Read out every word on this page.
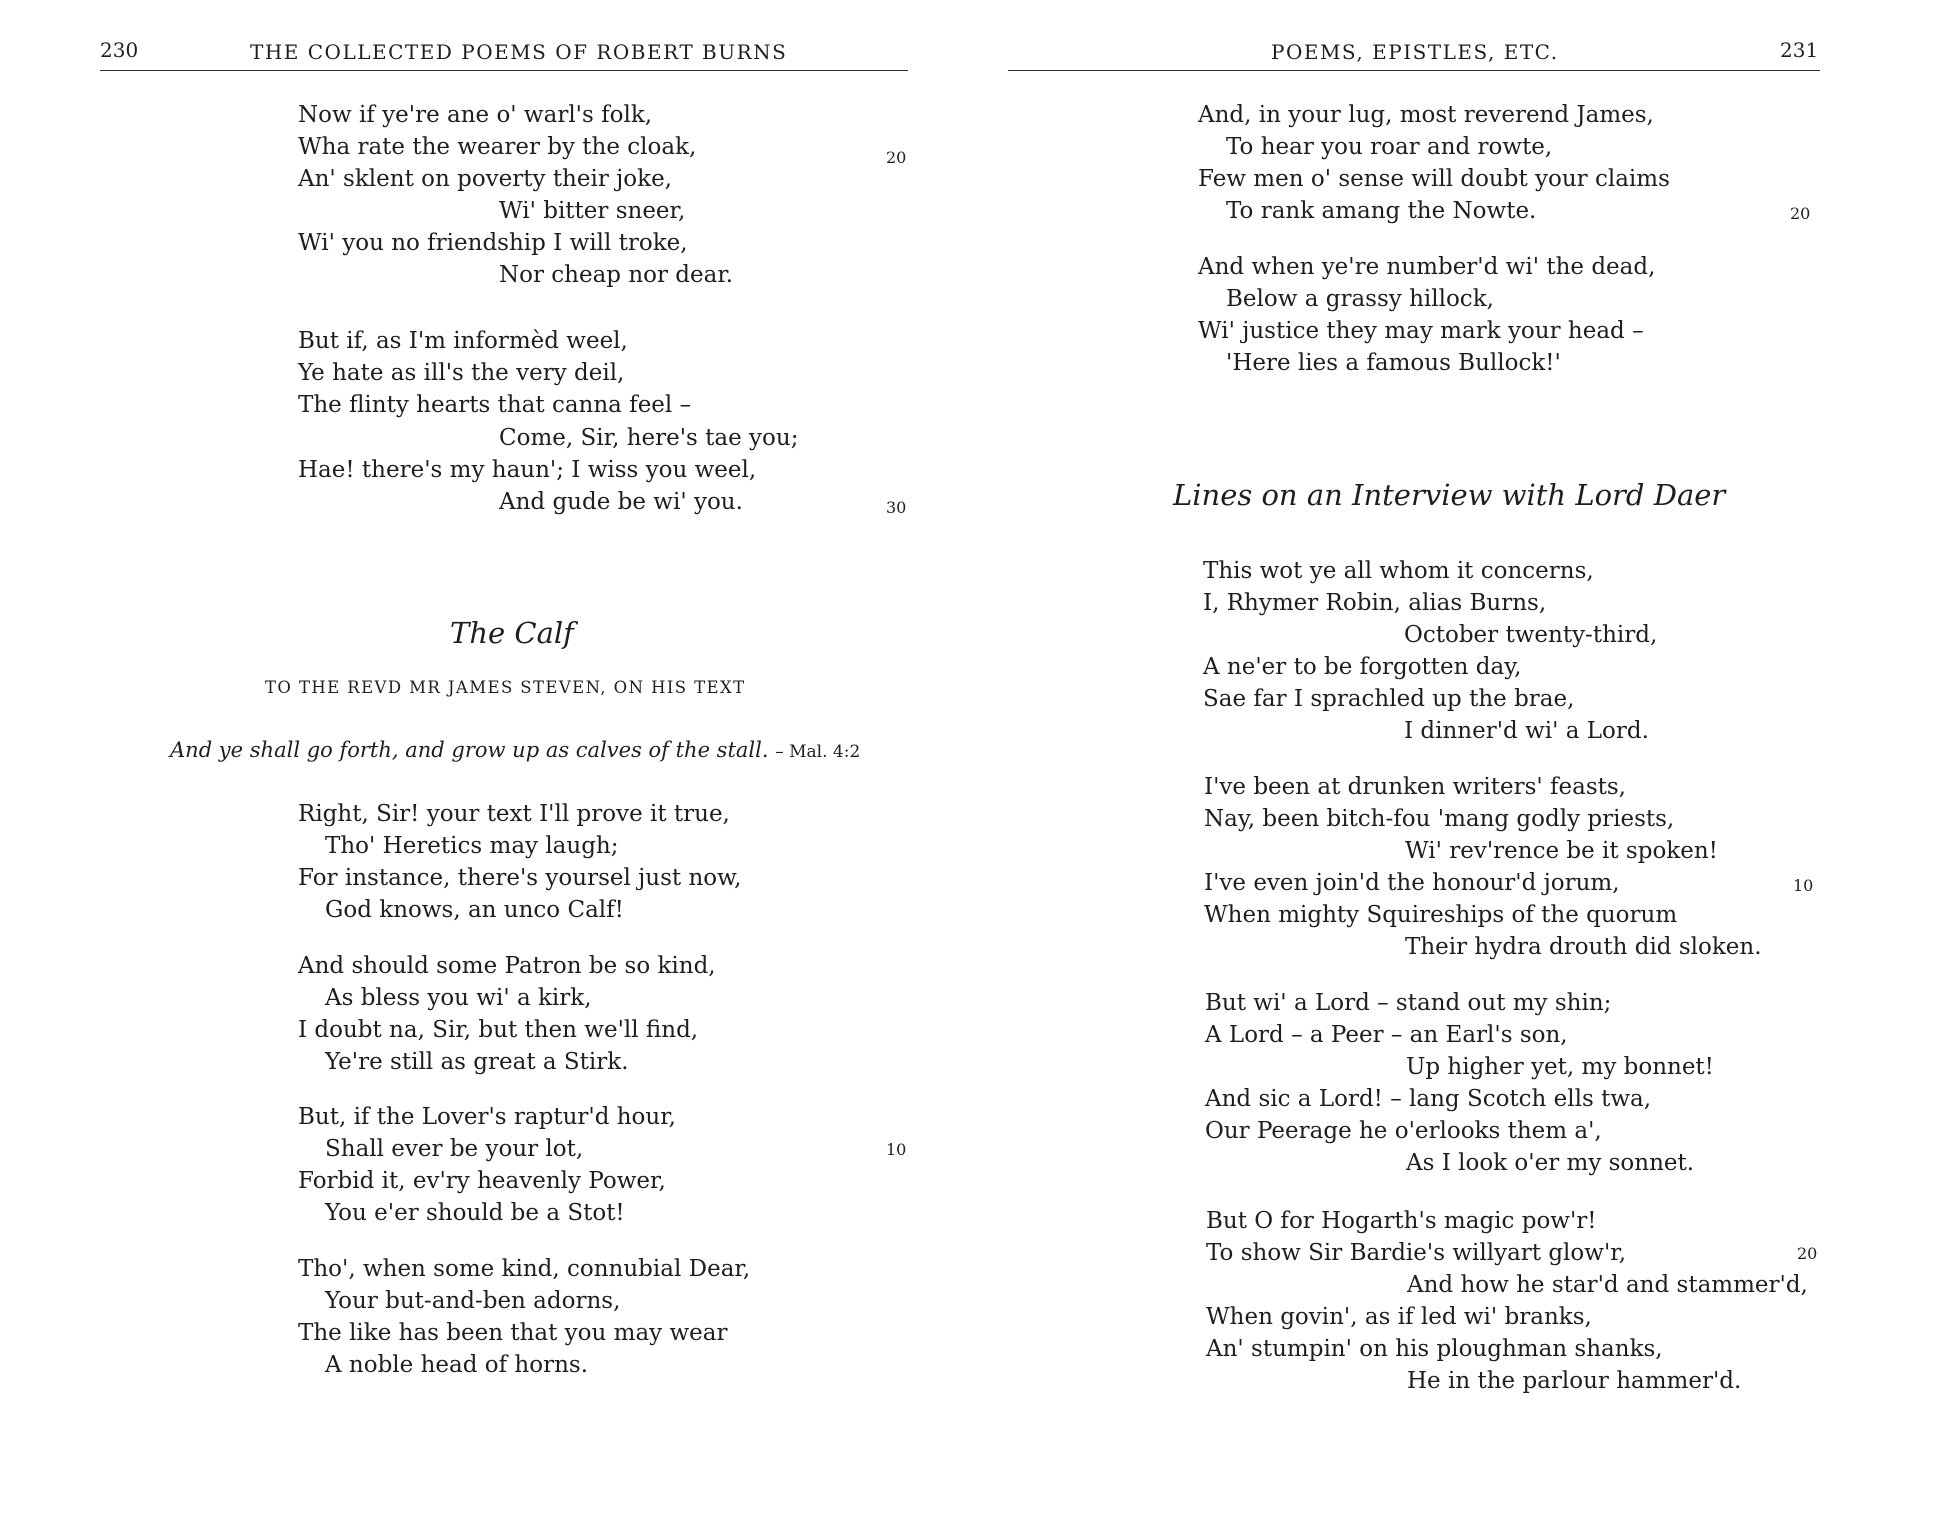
230	THE COLLECTED POEMS OF ROBERT BURNS
Now if ye're ane o' warl's folk,
Wha rate the wearer by the cloak,
An' sklent on poverty their joke,
Wi' bitter sneer,
Wi' you no friendship I will troke,
Nor cheap nor dear.
20
But if, as I'm informèd weel,
Ye hate as ill's the very deil,
The flinty hearts that canna feel –
Come, Sir, here's tae you;
Hae! there's my haun'; I wiss you weel,
And gude be wi' you.	30
The Calf
TO THE REVD MR JAMES STEVEN, ON HIS TEXT
And ye shall go forth, and grow up as calves of the stall. – Mal. 4:2
Right, Sir! your text I'll prove it true,
Tho' Heretics may laugh;
For instance, there's yoursel just now,
God knows, an unco Calf!
And should some Patron be so kind,
As bless you wi' a kirk,
I doubt na, Sir, but then we'll find,
Ye're still as great a Stirk.
But, if the Lover's raptur'd hour,
Shall ever be your lot,
Forbid it, ev'ry heavenly Power,
You e'er should be a Stot!
10
Tho', when some kind, connubial Dear,
Your but-and-ben adorns,
The like has been that you may wear
A noble head of horns.
POEMS, EPISTLES, ETC.	231
And, in your lug, most reverend James,
To hear you roar and rowte,
Few men o' sense will doubt your claims
To rank amang the Nowte.	20
And when ye're number'd wi' the dead,
Below a grassy hillock,
Wi' justice they may mark your head –
'Here lies a famous Bullock!'
Lines on an Interview with Lord Daer
This wot ye all whom it concerns,
I, Rhymer Robin, alias Burns,
October twenty-third,
A ne'er to be forgotten day,
Sae far I sprachled up the brae,
I dinner'd wi' a Lord.
I've been at drunken writers' feasts,
Nay, been bitch-fou 'mang godly priests,
Wi' rev'rence be it spoken!
I've even join'd the honour'd jorum,
When mighty Squireships of the quorum
Their hydra drouth did sloken.
10
But wi' a Lord – stand out my shin;
A Lord – a Peer – an Earl's son,
Up higher yet, my bonnet!
And sic a Lord! – lang Scotch ells twa,
Our Peerage he o'erlooks them a',
As I look o'er my sonnet.
But O for Hogarth's magic pow'r!
To show Sir Bardie's willyart glow'r,
And how he star'd and stammer'd,
When govin', as if led wi' branks,
An' stumpin' on his ploughman shanks,
He in the parlour hammer'd.
20
